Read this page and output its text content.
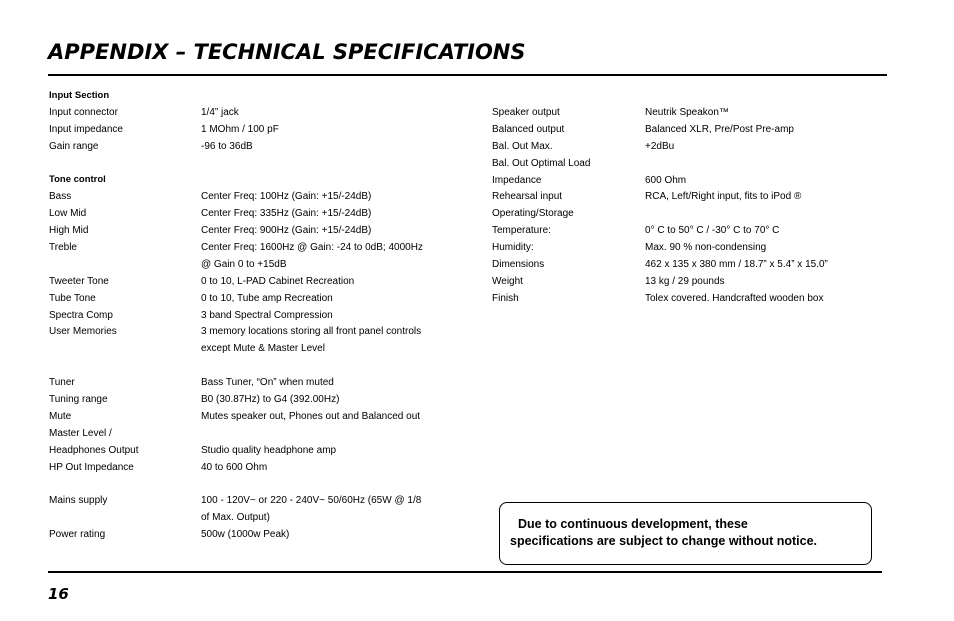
APPENDIX – TECHNICAL SPECIFICATIONS
Input Section
Input connector	1/4” jack
Input impedance	1 MOhm / 100 pF
Gain range	-96 to 36dB
Tone control
Bass	Center Freq: 100Hz (Gain: +15/-24dB)
Low Mid	Center Freq: 335Hz (Gain: +15/-24dB)
High Mid	Center Freq: 900Hz (Gain: +15/-24dB)
Treble	Center Freq: 1600Hz @ Gain: -24 to 0dB; 4000Hz
@ Gain 0 to +15dB
Tweeter Tone	0 to 10, L-PAD Cabinet Recreation
Tube Tone	0 to 10, Tube amp Recreation
Spectra Comp	3 band Spectral Compression
User Memories	3 memory locations storing all front panel controls
except Mute & Master Level
Tuner	Bass Tuner, “On” when muted
Tuning range	B0 (30.87Hz) to G4 (392.00Hz)
Mute	Mutes speaker out, Phones out and Balanced out
Master Level /
Headphones Output	Studio quality headphone amp
HP Out Impedance	40 to 600 Ohm
Mains supply	100 - 120V~ or 220 - 240V~ 50/60Hz (65W @ 1/8
of Max. Output)
Power rating	500w (1000w Peak)
Speaker output	Neutrik Speakon™
Balanced output	Balanced XLR, Pre/Post Pre-amp
Bal. Out Max.	+2dBu
Bal. Out Optimal Load
Impedance	600 Ohm
Rehearsal input	RCA, Left/Right input, fits to iPod ®
Operating/Storage
Temperature:	0° C to 50° C / -30° C to 70° C
Humidity:	Max. 90 % non-condensing
Dimensions	462 x 135 x 380 mm / 18.7” x 5.4” x 15.0”
Weight	13 kg / 29 pounds
Finish	Tolex covered. Handcrafted wooden box
Due to continuous development, these
specifications are subject to change without notice.
16
